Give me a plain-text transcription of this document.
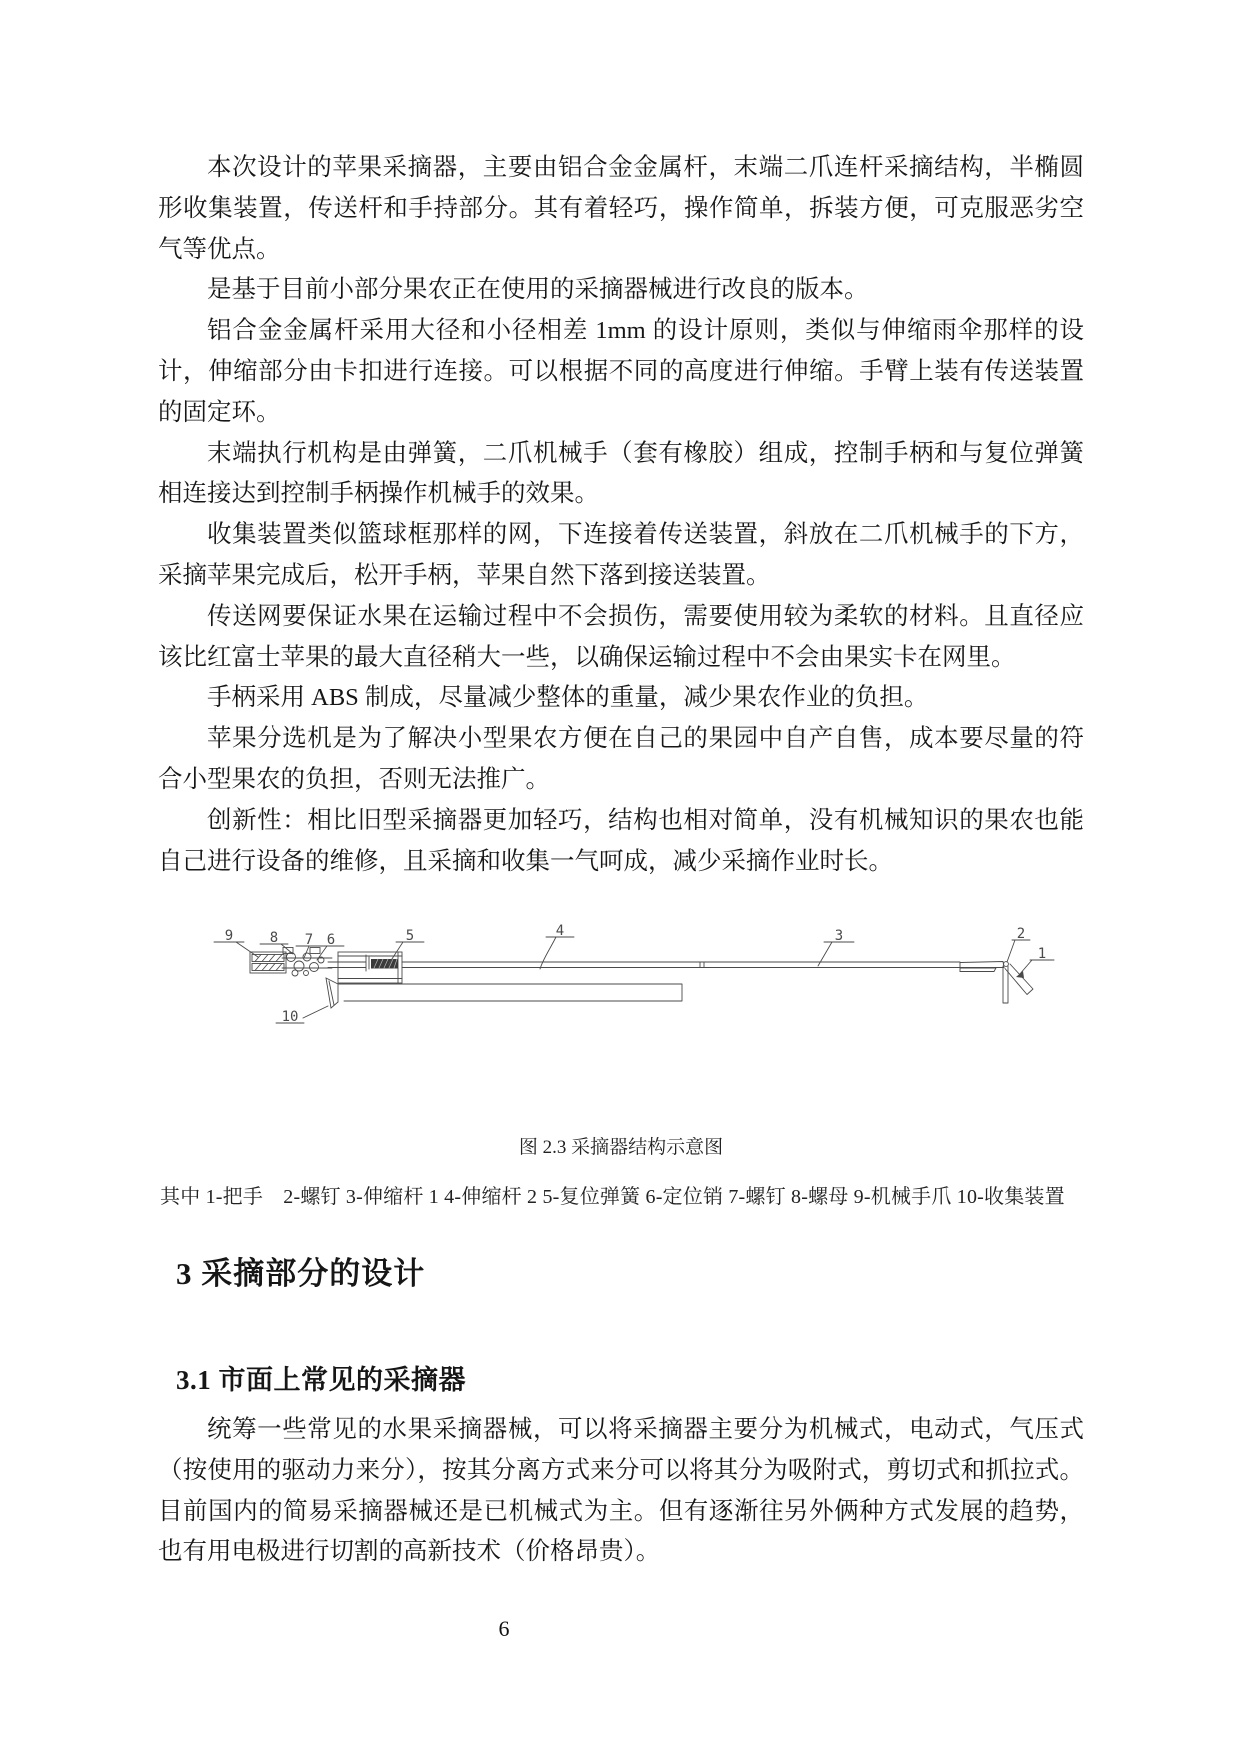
本次设计的苹果采摘器，主要由铝合金金属杆，末端二爪连杆采摘结构，半椭圆形收集装置，传送杆和手持部分。其有着轻巧，操作简单，拆装方便，可克服恶劣空气等优点。

是基于目前小部分果农正在使用的采摘器械进行改良的版本。

铝合金金属杆采用大径和小径相差 1mm 的设计原则，类似与伸缩雨伞那样的设计，伸缩部分由卡扣进行连接。可以根据不同的高度进行伸缩。手臂上装有传送装置的固定环。

末端执行机构是由弹簧，二爪机械手（套有橡胶）组成，控制手柄和与复位弹簧相连接达到控制手柄操作机械手的效果。

收集装置类似篮球框那样的网，下连接着传送装置，斜放在二爪机械手的下方，采摘苹果完成后，松开手柄，苹果自然下落到接送装置。

传送网要保证水果在运输过程中不会损伤，需要使用较为柔软的材料。且直径应该比红富士苹果的最大直径稍大一些，以确保运输过程中不会由果实卡在网里。

手柄采用 ABS 制成，尽量减少整体的重量，减少果农作业的负担。

苹果分选机是为了解决小型果农方便在自己的果园中自产自售，成本要尽量的符合小型果农的负担，否则无法推广。

创新性：相比旧型采摘器更加轻巧，结构也相对简单，没有机械知识的果农也能自己进行设备的维修，且采摘和收集一气呵成，减少采摘作业时长。

9	8 7 6	5	4	3	2
1
10
图 2.3 采摘器结构示意图
其中 1-把手　2-螺钉 3-伸缩杆 1 4-伸缩杆 2 5-复位弹簧 6-定位销 7-螺钉 8-螺母 9-机械手爪 10-收集装置
3 采摘部分的设计
3.1 市面上常见的采摘器

统筹一些常见的水果采摘器械，可以将采摘器主要分为机械式，电动式，气压式（按使用的驱动力来分），按其分离方式来分可以将其分为吸附式，剪切式和抓拉式。目前国内的简易采摘器械还是已机械式为主。但有逐渐往另外俩种方式发展的趋势，也有用电极进行切割的高新技术（价格昂贵）。

6
